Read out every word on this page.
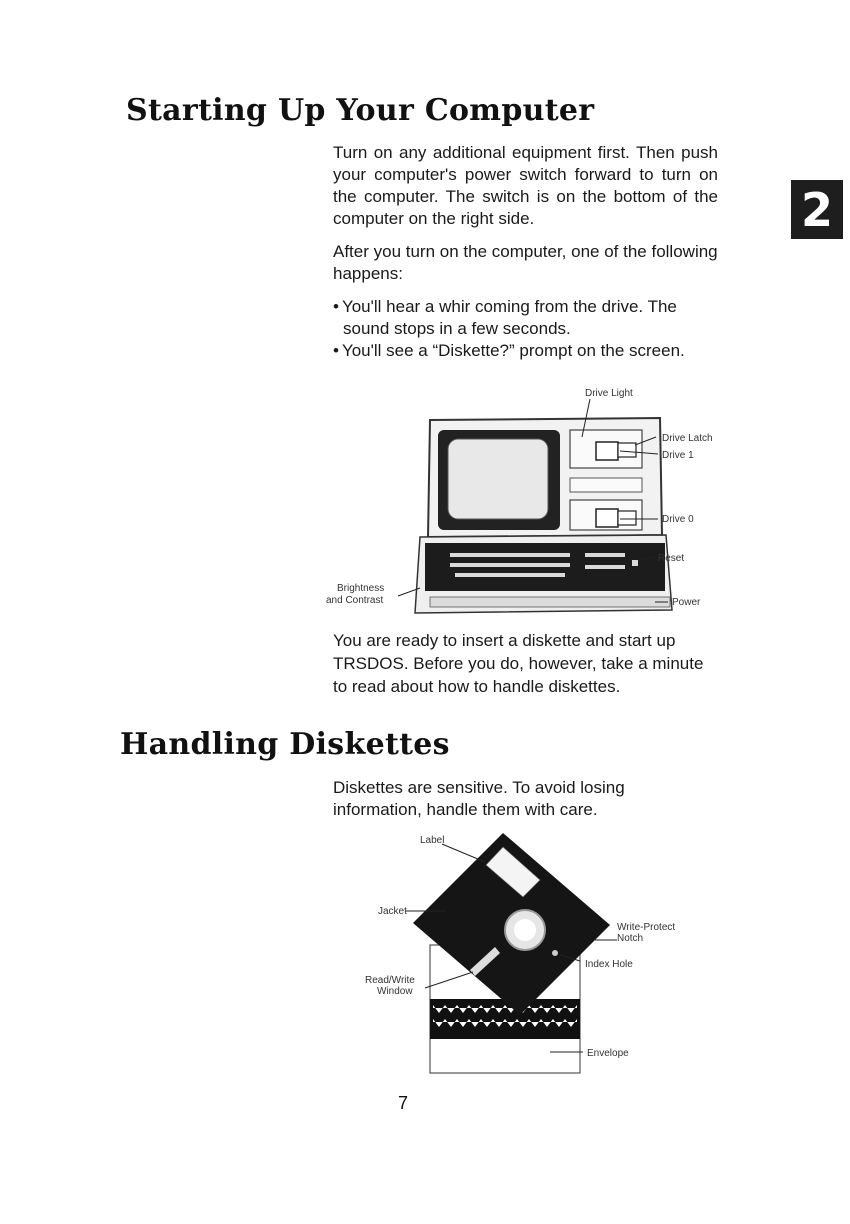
Starting Up Your Computer

Turn on any additional equipment first. Then push your computer's power switch forward to turn on the computer. The switch is on the bottom of the computer on the right side.

After you turn on the computer, one of the following happens:

• You'll hear a whir coming from the drive. The sound stops in a few seconds.
• You'll see a “Diskette?” prompt on the screen.
2
Drive Light
Drive Latch
Drive 1
Drive 0
Reset
Power
Brightness
and Contrast

You are ready to insert a diskette and start up TRSDOS. Before you do, however, take a minute to read about how to handle diskettes.

Handling Diskettes

Diskettes are sensitive. To avoid losing information, handle them with care.

Label
Jacket
Write-Protect
Notch
Index Hole
Read/Write
Window
Envelope
7
